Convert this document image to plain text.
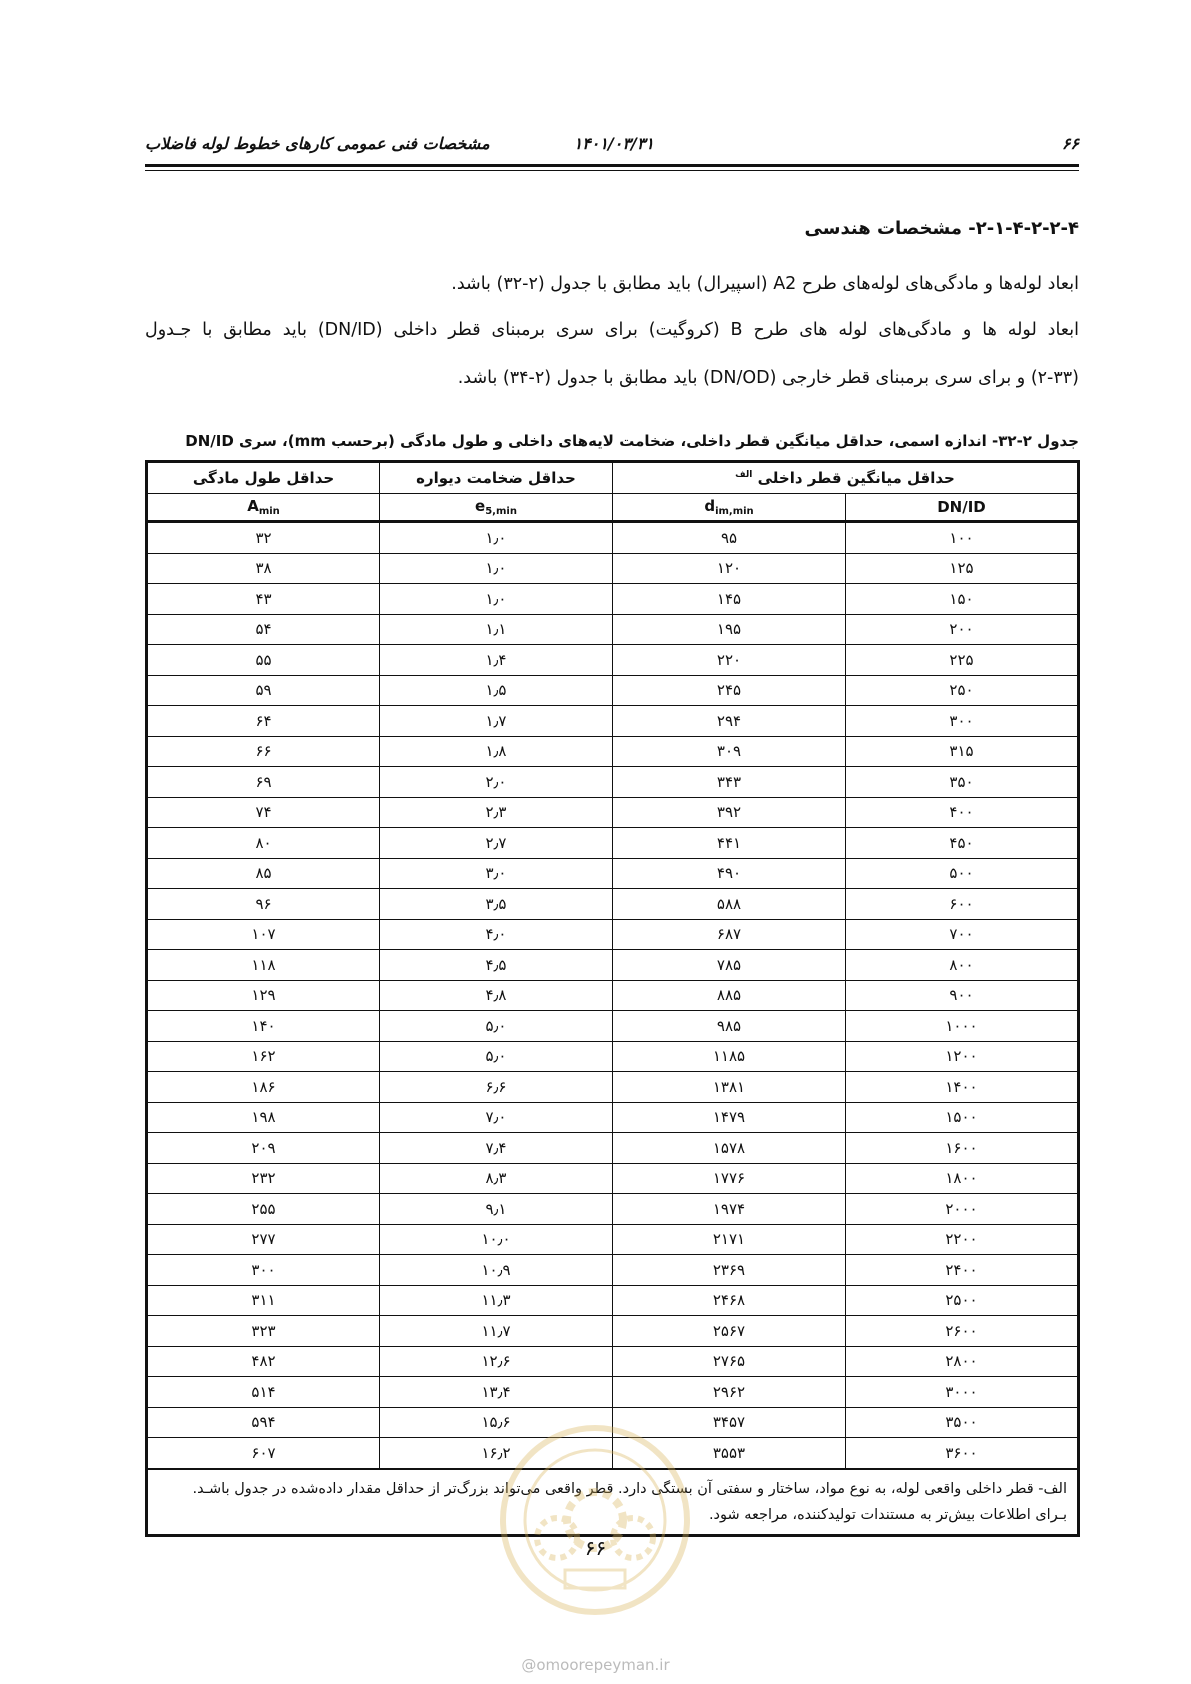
۶۶
۱۴۰۱/۰۳/۳۱
مشخصات فنی عمومی کارهای خطوط لوله فاضلاب
۲-۱-۴-۲-۲-۴- مشخصات هندسی
ابعاد لوله‌ها و مادگی‌های لوله‌های طرح A2 (اسپیرال) باید مطابق با جدول (۲-۳۲) باشد.
ابعاد لوله ها و مادگی‌های لوله های طرح B (کروگیت) برای سری برمبنای قطر داخلی (DN/ID) باید مطابق با جـدول
(۲-۳۳) و برای سری برمبنای قطر خارجی (DN/OD) باید مطابق با جدول (۲-۳۴) باشد.
جدول ۲-۳۲- اندازه اسمی، حداقل میانگین قطر داخلی، ضخامت لایه‌های داخلی و طول مادگی (برحسب mm)، سری DN/ID
حداقل میانگین قطر داخلی $^{الف}$		حداقل ضخامت دیواره	حداقل طول مادگی
DN/ID	$d_{im,min}$	$e_{5,min}$	$A_{min}$
۱۰۰	۹۵	۱٫۰	۳۲
۱۲۵	۱۲۰	۱٫۰	۳۸
۱۵۰	۱۴۵	۱٫۰	۴۳
۲۰۰	۱۹۵	۱٫۱	۵۴
۲۲۵	۲۲۰	۱٫۴	۵۵
۲۵۰	۲۴۵	۱٫۵	۵۹
۳۰۰	۲۹۴	۱٫۷	۶۴
۳۱۵	۳۰۹	۱٫۸	۶۶
۳۵۰	۳۴۳	۲٫۰	۶۹
۴۰۰	۳۹۲	۲٫۳	۷۴
۴۵۰	۴۴۱	۲٫۷	۸۰
۵۰۰	۴۹۰	۳٫۰	۸۵
۶۰۰	۵۸۸	۳٫۵	۹۶
۷۰۰	۶۸۷	۴٫۰	۱۰۷
۸۰۰	۷۸۵	۴٫۵	۱۱۸
۹۰۰	۸۸۵	۴٫۸	۱۲۹
۱۰۰۰	۹۸۵	۵٫۰	۱۴۰
۱۲۰۰	۱۱۸۵	۵٫۰	۱۶۲
۱۴۰۰	۱۳۸۱	۶٫۶	۱۸۶
۱۵۰۰	۱۴۷۹	۷٫۰	۱۹۸
۱۶۰۰	۱۵۷۸	۷٫۴	۲۰۹
۱۸۰۰	۱۷۷۶	۸٫۳	۲۳۲
۲۰۰۰	۱۹۷۴	۹٫۱	۲۵۵
۲۲۰۰	۲۱۷۱	۱۰٫۰	۲۷۷
۲۴۰۰	۲۳۶۹	۱۰٫۹	۳۰۰
۲۵۰۰	۲۴۶۸	۱۱٫۳	۳۱۱
۲۶۰۰	۲۵۶۷	۱۱٫۷	۳۲۳
۲۸۰۰	۲۷۶۵	۱۲٫۶	۴۸۲
۳۰۰۰	۲۹۶۲	۱۳٫۴	۵۱۴
۳۵۰۰	۳۴۵۷	۱۵٫۶	۵۹۴
۳۶۰۰	۳۵۵۳	۱۶٫۲	۶۰۷
الف- قطر داخلی واقعی لوله، به نوع مواد، ساختار و سفتی آن بستگی دارد. قطر واقعی می‌تواند بزرگ‌تر از حداقل مقدار داده‌شده در جدول باشـد. بـرای اطلاعات بیش‌تر به مستندات تولیدکننده، مراجعه شود.			
۶۶
@omoorepeyman.ir
